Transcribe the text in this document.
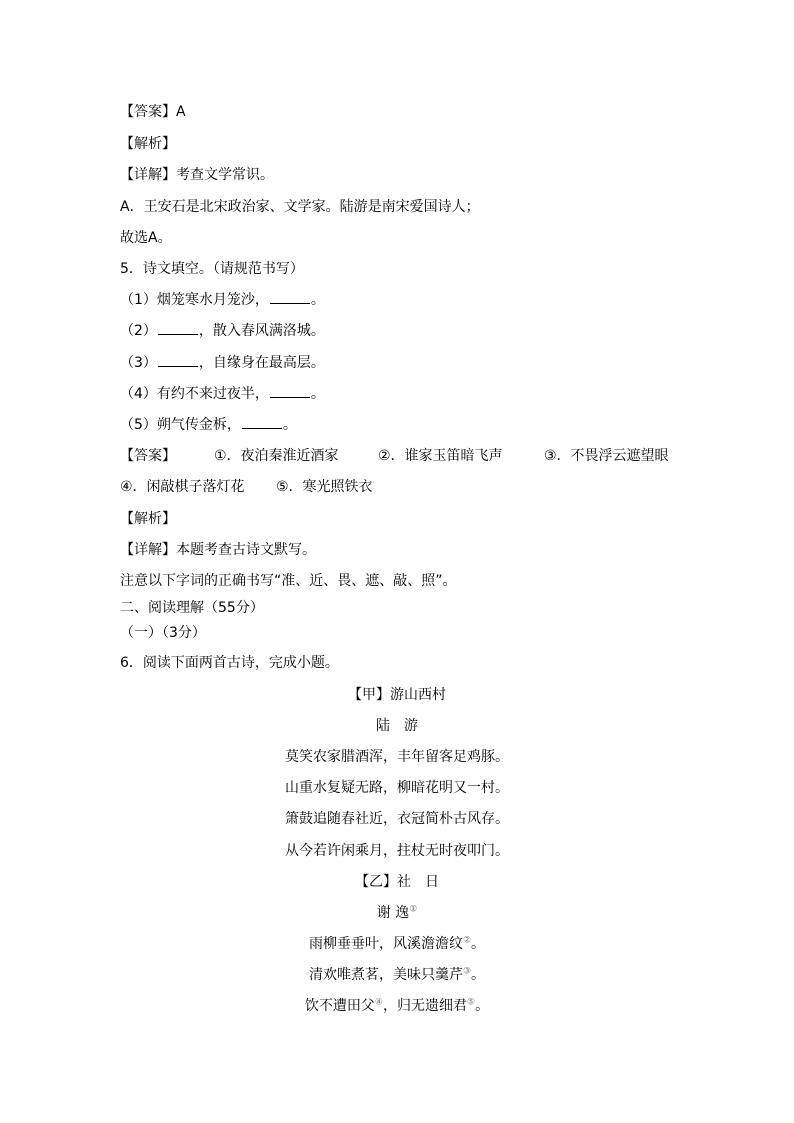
【答案】A
【解析】
【详解】考查文学常识。
A．王安石是北宋政治家、文学家。陆游是南宋爱国诗人；
故选A。
5．诗文填空。（请规范书写）
（1）烟笼寒水月笼沙，	。
（2）	，散入春风满洛城。
（3）	，自缘身在最高层。
（4）有约不来过夜半，	。
（5）朔气传金柝，	。
【答案】	①．夜泊秦淮近酒家	②．谁家玉笛暗飞声	③．不畏浮云遮望眼
④．闲敲棋子落灯花 ⑤．寒光照铁衣
【解析】
【详解】本题考查古诗文默写。
注意以下字词的正确书写“准、近、畏、遮、敲、照”。
二、阅读理解（55分）
（一）（3分）
6．阅读下面两首古诗，完成小题。
【甲】游山西村
陆　游
莫笑农家腊酒浑，丰年留客足鸡豚。
山重水复疑无路，柳暗花明又一村。
箫鼓追随春社近，衣冠简朴古风存。
从今若许闲乘月，拄杖无时夜叩门。
【乙】社　日
谢 逸①
雨柳垂垂叶，风溪澹澹纹②。
清欢唯煮茗，美味只羹芹③。
饮不遭田父④，归无遗细君⑤。
